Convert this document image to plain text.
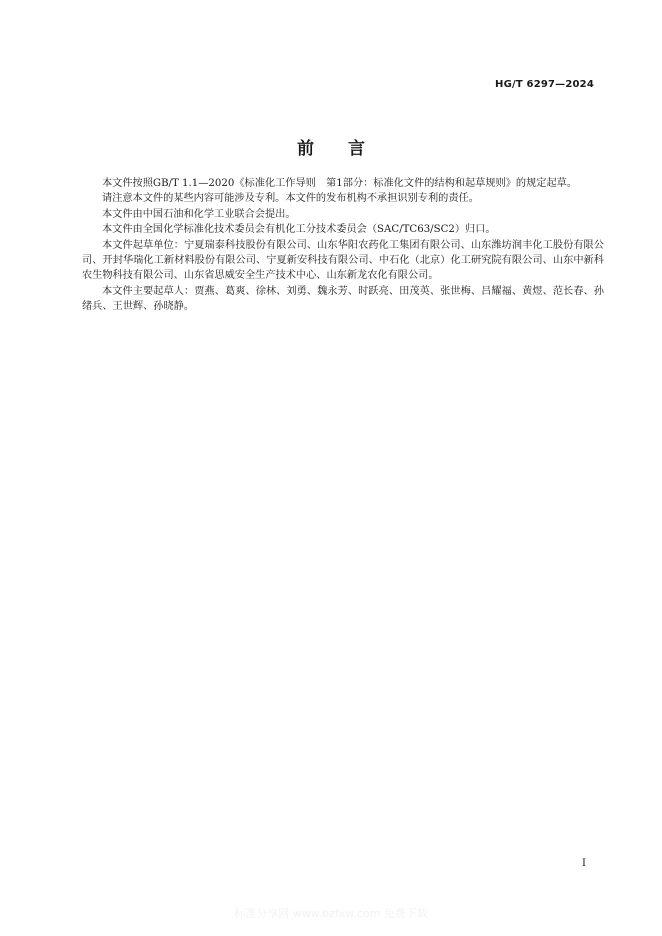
HG/T 6297—2024
前 言

本文件按照GB/T 1.1—2020《标准化工作导则　第1部分：标准化文件的结构和起草规则》的规定起草。

请注意本文件的某些内容可能涉及专利。本文件的发布机构不承担识别专利的责任。

本文件由中国石油和化学工业联合会提出。

本文件由全国化学标准化技术委员会有机化工分技术委员会（SAC/TC63/SC2）归口。

本文件起草单位：宁夏瑞泰科技股份有限公司、山东华阳农药化工集团有限公司、山东潍坊润丰化工股份有限公司、开封华瑞化工新材料股份有限公司、宁夏新安科技有限公司、中石化（北京）化工研究院有限公司、山东中新科农生物科技有限公司、山东省思威安全生产技术中心、山东新龙农化有限公司。

本文件主要起草人：贾燕、葛爽、徐林、刘勇、魏永芳、时跃亮、田茂英、张世梅、吕耀福、黄煜、范长春、孙绪兵、王世辉、孙晓静。

I
标准分享网 www.bzfxw.com 免费下载
